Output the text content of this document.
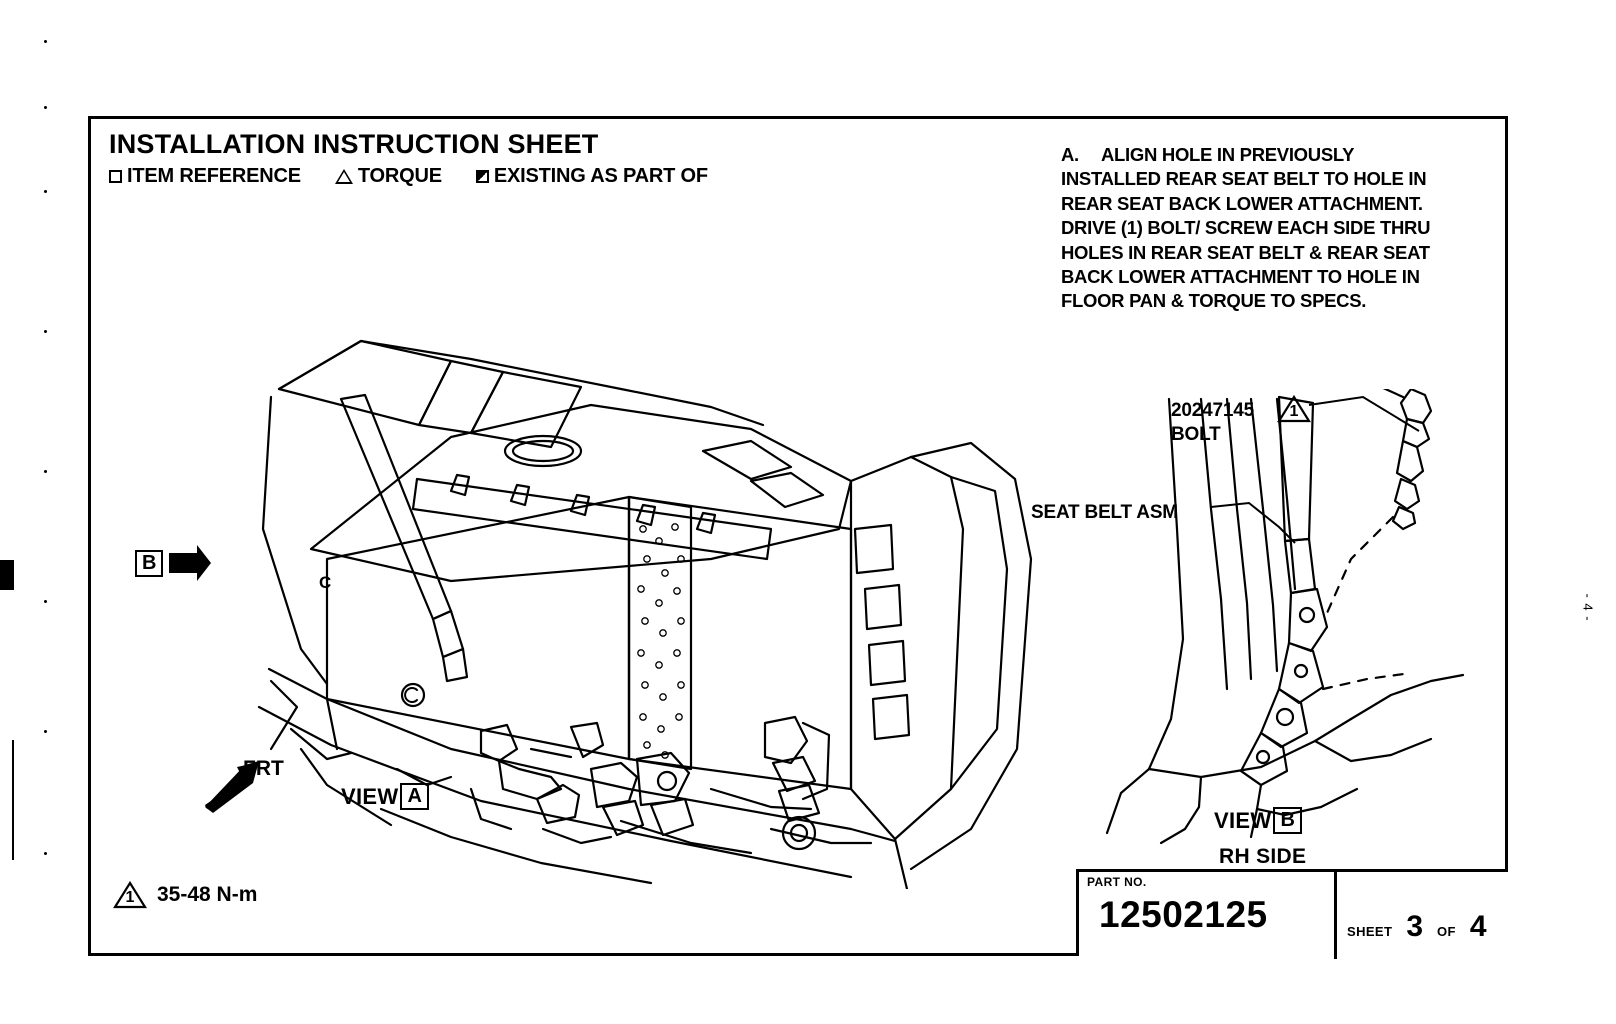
- 4 -
INSTALLATION INSTRUCTION SHEET
ITEM REFERENCE	TORQUE	EXISTING AS PART OF
A. ALIGN HOLE IN PREVIOUSLY INSTALLED REAR SEAT BELT TO HOLE IN REAR SEAT BACK LOWER ATTACHMENT. DRIVE (1) BOLT/ SCREW EACH SIDE THRU HOLES IN REAR SEAT BELT & REAR SEAT BACK LOWER ATTACHMENT TO HOLE IN FLOOR PAN & TORQUE TO SPECS.
B
FRT
VIEW A
C
1	35-48 N-m
20247145
BOLT
1
SEAT BELT ASM
VIEW B
RH SIDE
PART NO.
12502125	SHEET 3 OF 4
